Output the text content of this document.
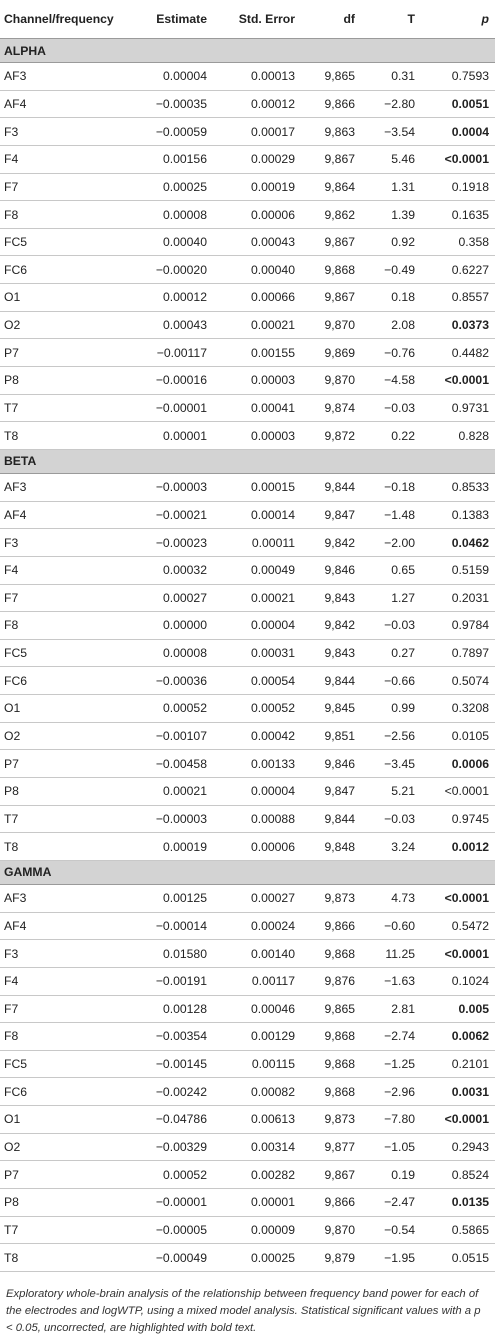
Channel/frequency	Estimate	Std. Error	df	T	p
ALPHA					
AF3	0.00004	0.00013	9,865	0.31	0.7593
AF4	−0.00035	0.00012	9,866	−2.80	0.0051
F3	−0.00059	0.00017	9,863	−3.54	0.0004
F4	0.00156	0.00029	9,867	5.46	<0.0001
F7	0.00025	0.00019	9,864	1.31	0.1918
F8	0.00008	0.00006	9,862	1.39	0.1635
FC5	0.00040	0.00043	9,867	0.92	0.358
FC6	−0.00020	0.00040	9,868	−0.49	0.6227
O1	0.00012	0.00066	9,867	0.18	0.8557
O2	0.00043	0.00021	9,870	2.08	0.0373
P7	−0.00117	0.00155	9,869	−0.76	0.4482
P8	−0.00016	0.00003	9,870	−4.58	<0.0001
T7	−0.00001	0.00041	9,874	−0.03	0.9731
T8	0.00001	0.00003	9,872	0.22	0.828
BETA					
AF3	−0.00003	0.00015	9,844	−0.18	0.8533
AF4	−0.00021	0.00014	9,847	−1.48	0.1383
F3	−0.00023	0.00011	9,842	−2.00	0.0462
F4	0.00032	0.00049	9,846	0.65	0.5159
F7	0.00027	0.00021	9,843	1.27	0.2031
F8	0.00000	0.00004	9,842	−0.03	0.9784
FC5	0.00008	0.00031	9,843	0.27	0.7897
FC6	−0.00036	0.00054	9,844	−0.66	0.5074
O1	0.00052	0.00052	9,845	0.99	0.3208
O2	−0.00107	0.00042	9,851	−2.56	0.0105
P7	−0.00458	0.00133	9,846	−3.45	0.0006
P8	0.00021	0.00004	9,847	5.21	<0.0001
T7	−0.00003	0.00088	9,844	−0.03	0.9745
T8	0.00019	0.00006	9,848	3.24	0.0012
GAMMA					
AF3	0.00125	0.00027	9,873	4.73	<0.0001
AF4	−0.00014	0.00024	9,866	−0.60	0.5472
F3	0.01580	0.00140	9,868	11.25	<0.0001
F4	−0.00191	0.00117	9,876	−1.63	0.1024
F7	0.00128	0.00046	9,865	2.81	0.005
F8	−0.00354	0.00129	9,868	−2.74	0.0062
FC5	−0.00145	0.00115	9,868	−1.25	0.2101
FC6	−0.00242	0.00082	9,868	−2.96	0.0031
O1	−0.04786	0.00613	9,873	−7.80	<0.0001
O2	−0.00329	0.00314	9,877	−1.05	0.2943
P7	0.00052	0.00282	9,867	0.19	0.8524
P8	−0.00001	0.00001	9,866	−2.47	0.0135
T7	−0.00005	0.00009	9,870	−0.54	0.5865
T8	−0.00049	0.00025	9,879	−1.95	0.0515
Exploratory whole-brain analysis of the relationship between frequency band power for each of the electrodes and logWTP, using a mixed model analysis. Statistical significant values with a p < 0.05, uncorrected, are highlighted with bold text.
